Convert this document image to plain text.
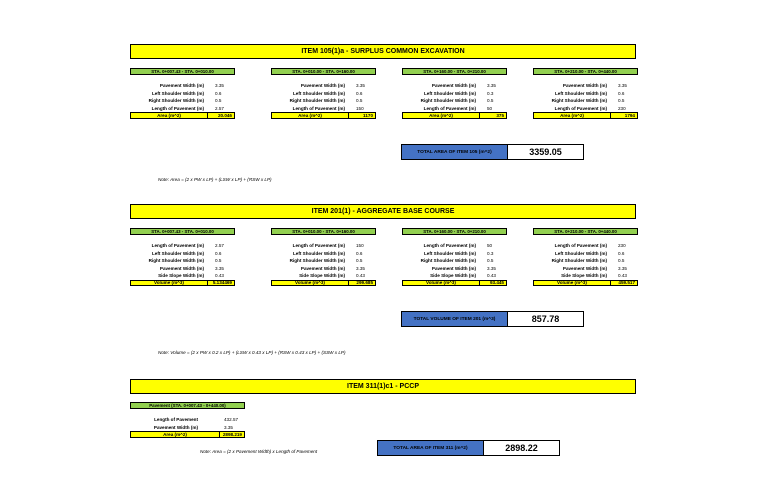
ITEM 105(1)a - SURPLUS COMMON EXCAVATION
STA. 0+007.43 - STA. 0+010.00
Pavement Width (m)	3.35
Left Shoulder Width (m)	0.6
Right Shoulder Width (m)	0.5
Length of Pavement (m)	2.57
Area (m^2)	20.046
STA. 0+010.00 - STA. 0+160.00
Pavement Width (m)	3.35
Left Shoulder Width (m)	0.6
Right Shoulder Width (m)	0.5
Length of Pavement (m)	150
Area (m^2)	1170
STA. 0+160.00 - STA. 0+210.00
Pavement Width (m)	3.35
Left Shoulder Width (m)	0.3
Right Shoulder Width (m)	0.5
Length of Pavement (m)	50
Area (m^2)	375
STA. 0+210.00 - STA. 0+440.00
Pavement Width (m)	3.35
Left Shoulder Width (m)	0.6
Right Shoulder Width (m)	0.5
Length of Pavement (m)	230
Area (m^2)	1794
TOTAL AREA OF ITEM 105 (m^2)	3359.05
Note: Area = (2 x PW x LP) + (LSW x LP) + (RSW x LP)
ITEM 201(1) - AGGREGATE BASE COURSE
STA. 0+007.43 - STA. 0+010.00
Length of Pavement (m)	2.57
Left Shoulder Width (m)	0.6
Right Shoulder Width (m)	0.5
Pavement Width (m)	3.35
Side Slope Width (m)	0.43
Volume (m^3)	5.134469
STA. 0+010.00 - STA. 0+160.00
Length of Pavement (m)	150
Left Shoulder Width (m)	0.6
Right Shoulder Width (m)	0.5
Pavement Width (m)	3.35
Side Slope Width (m)	0.43
Volume (m^3)	299.685
STA. 0+160.00 - STA. 0+210.00
Length of Pavement (m)	50
Left Shoulder Width (m)	0.3
Right Shoulder Width (m)	0.5
Pavement Width (m)	3.35
Side Slope Width (m)	0.43
Volume (m^3)	93.445
STA. 0+210.00 - STA. 0+440.00
Length of Pavement (m)	230
Left Shoulder Width (m)	0.6
Right Shoulder Width (m)	0.5
Pavement Width (m)	3.35
Side Slope Width (m)	0.43
Volume (m^3)	459.517
TOTAL VOLUME OF ITEM 201 (m^3)	857.78
Note: Volume = (2 x PW x 0.2 x LP) + (LSW x 0.43 x LP) + (RSW x 0.43 x LP) + (SSW x LP)
ITEM 311(1)c1 - PCCP
Pavement (STA. 0+007.43 - 0+440.00)
Length of Pavement	432.57
Pavement Width (m)	3.35
Area (m^2)	2898.219
TOTAL AREA OF ITEM 311 (m^2)	2898.22
Note: Area = (2 x Pavement Width) x Length of Pavement
